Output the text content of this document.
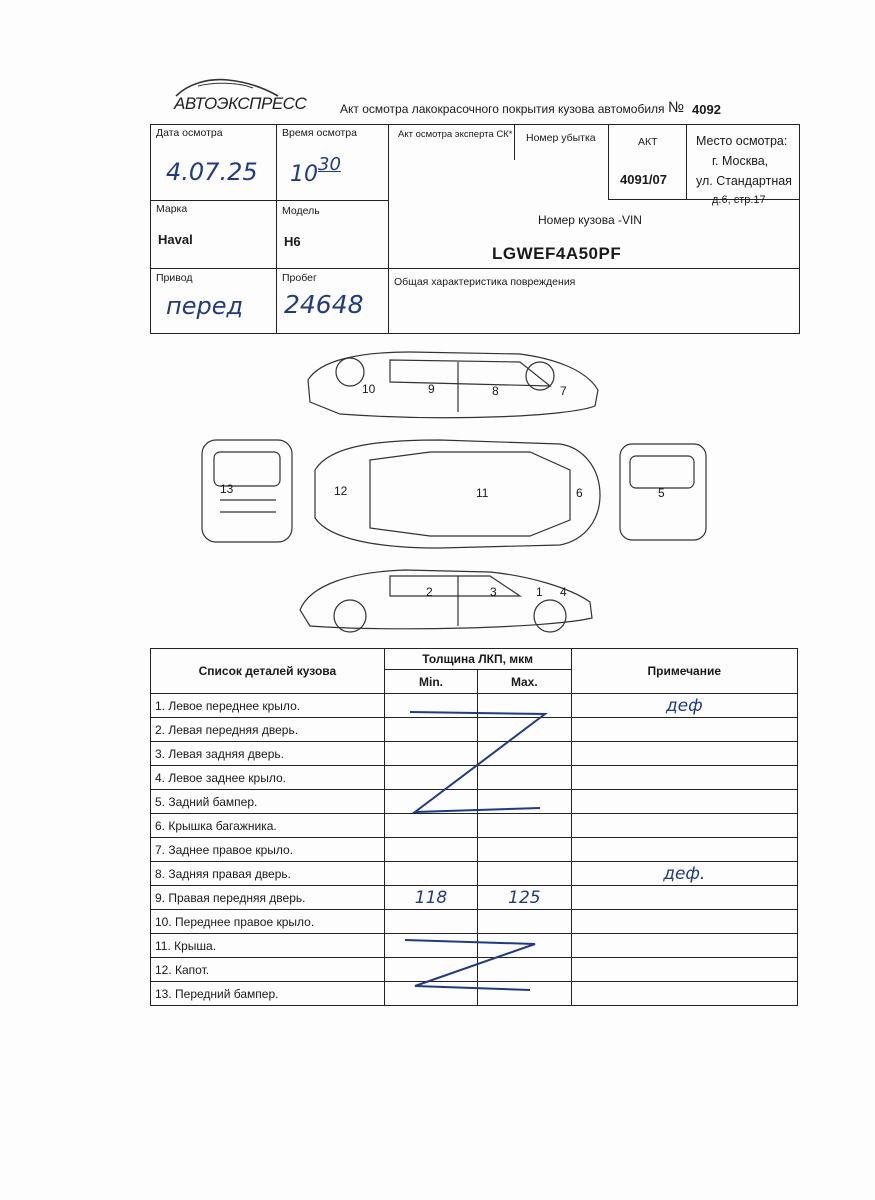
АВТОЭКСПРЕСС	Акт осмотра лакокрасочного покрытия кузова автомобиля № 4092
Дата осмотра
4.07.25
Время осмотра
10 30
Акт осмотра эксперта СК* Номер убытка	АКТ
4091/07
Место осмотра:
г. Москва,
ул. Стандартная
д.6, стр.17
Марка
Haval
Модель
H6
Номер кузова -VIN
LGWEF4A50PF
Привод
перед
Пробег
24648
Общая характеристика повреждения
1
2	3	4
5
6
7
8
9
10
11
12
13
Список деталей кузова	Толщина ЛКП, мкм		Примечание
	Min.	Max.	
1. Левое переднее крыло.			деф
2. Левая передняя дверь.			
3. Левая задняя дверь.			
4. Левое заднее крыло.			
5. Задний бампер.			
6. Крышка багажника.			
7. Заднее правое крыло.			
8. Задняя правая дверь.			деф.
9. Правая передняя дверь.	118	125	
10. Переднее правое крыло.			
11. Крыша.			
12. Капот.			
13. Передний бампер.			
